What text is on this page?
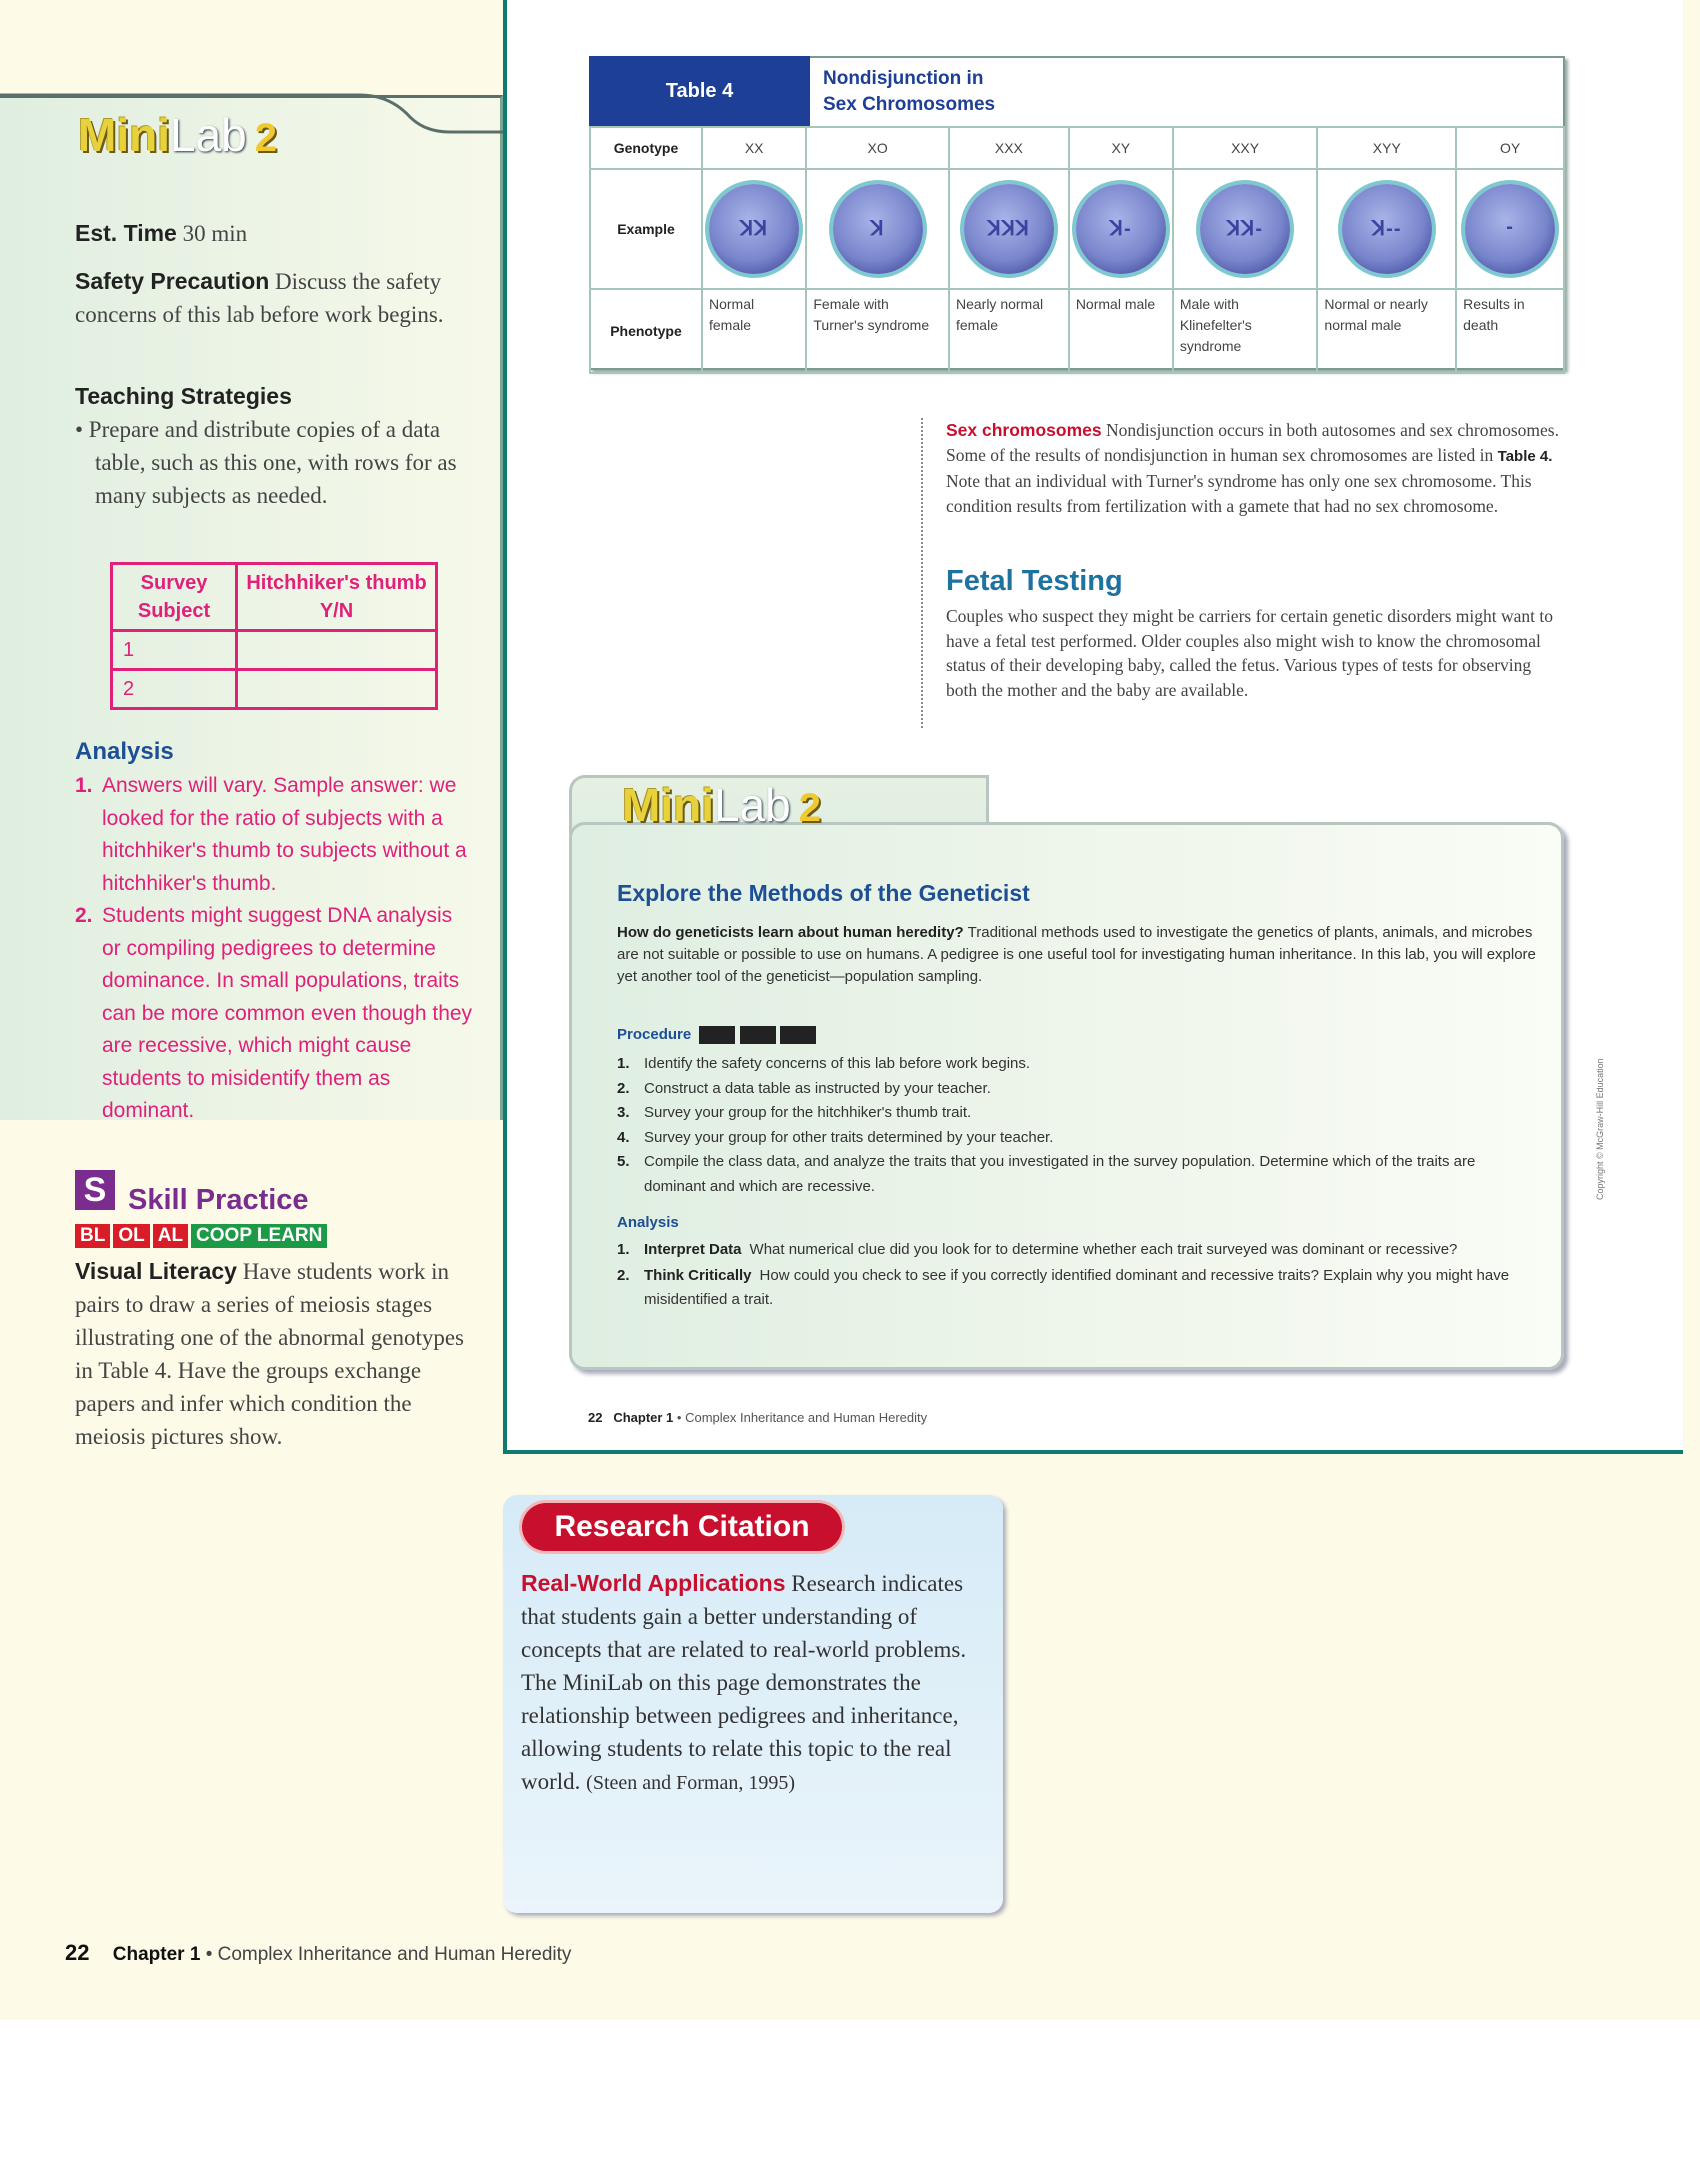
MiniLab 2
Est. Time 30 min
Safety Precaution Discuss the safety concerns of this lab before work begins.
Teaching Strategies
• Prepare and distribute copies of a data table, such as this one, with rows for as many subjects as needed.
Survey Subject	Hitchhiker's thumb Y/N
1	
2	
Analysis
1. Answers will vary. Sample answer: we looked for the ratio of subjects with a hitchhiker's thumb to subjects without a hitchhiker's thumb.
2. Students might suggest DNA analysis or compiling pedigrees to determine dominance. In small populations, traits can be more common even though they are recessive, which might cause students to misidentify them as dominant.
S Skill Practice
BL OL AL COOP LEARN
Visual Literacy Have students work in pairs to draw a series of meiosis stages illustrating one of the abnormal genotypes in Table 4. Have the groups exchange papers and infer which condition the meiosis pictures show.
Table 4
Nondisjunction in
Sex Chromosomes
Genotype	XX	XO	XXX	XY	XXY	XYY	OY
Example	ꓘꓘ	ꓘ	ꓘꓘꓘ	ꓘ‑	ꓘꓘ‑	ꓘ‑‑	‑

Phenotype	Normal female	Female with Turner's syndrome	Nearly normal female	Normal male	Male with Klinefelter's syndrome	Normal or nearly normal male	Results in death
Sex chromosomes Nondisjunction occurs in both autosomes and sex chromosomes. Some of the results of nondisjunction in human sex chromosomes are listed in Table 4. Note that an individual with Turner's syndrome has only one sex chromosome. This condition results from fertilization with a gamete that had no sex chromosome.
Fetal Testing
Couples who suspect they might be carriers for certain genetic disorders might want to have a fetal test performed. Older couples also might wish to know the chromosomal status of their developing baby, called the fetus. Various types of tests for observing both the mother and the baby are available.
MiniLab 2
Explore the Methods of the Geneticist
How do geneticists learn about human heredity? Traditional methods used to investigate the genetics of plants, animals, and microbes are not suitable or possible to use on humans. A pedigree is one useful tool for investigating human inheritance. In this lab, you will explore yet another tool of the geneticist—population sampling.
Procedure
1. Identify the safety concerns of this lab before work begins.
2. Construct a data table as instructed by your teacher.
3. Survey your group for the hitchhiker's thumb trait.
4. Survey your group for other traits determined by your teacher.
5. Compile the class data, and analyze the traits that you investigated in the survey population. Determine which of the traits are dominant and which are recessive.
Analysis
1. Interpret Data What numerical clue did you look for to determine whether each trait surveyed was dominant or recessive?
2. Think Critically How could you check to see if you correctly identified dominant and recessive traits? Explain why you might have misidentified a trait.
22 Chapter 1 • Complex Inheritance and Human Heredity
Copyright © McGraw-Hill Education
Research Citation
Real-World Applications Research indicates that students gain a better understanding of concepts that are related to real-world problems. The MiniLab on this page demonstrates the relationship between pedigrees and inheritance, allowing students to relate this topic to the real world. (Steen and Forman, 1995)
22 Chapter 1 • Complex Inheritance and Human Heredity
